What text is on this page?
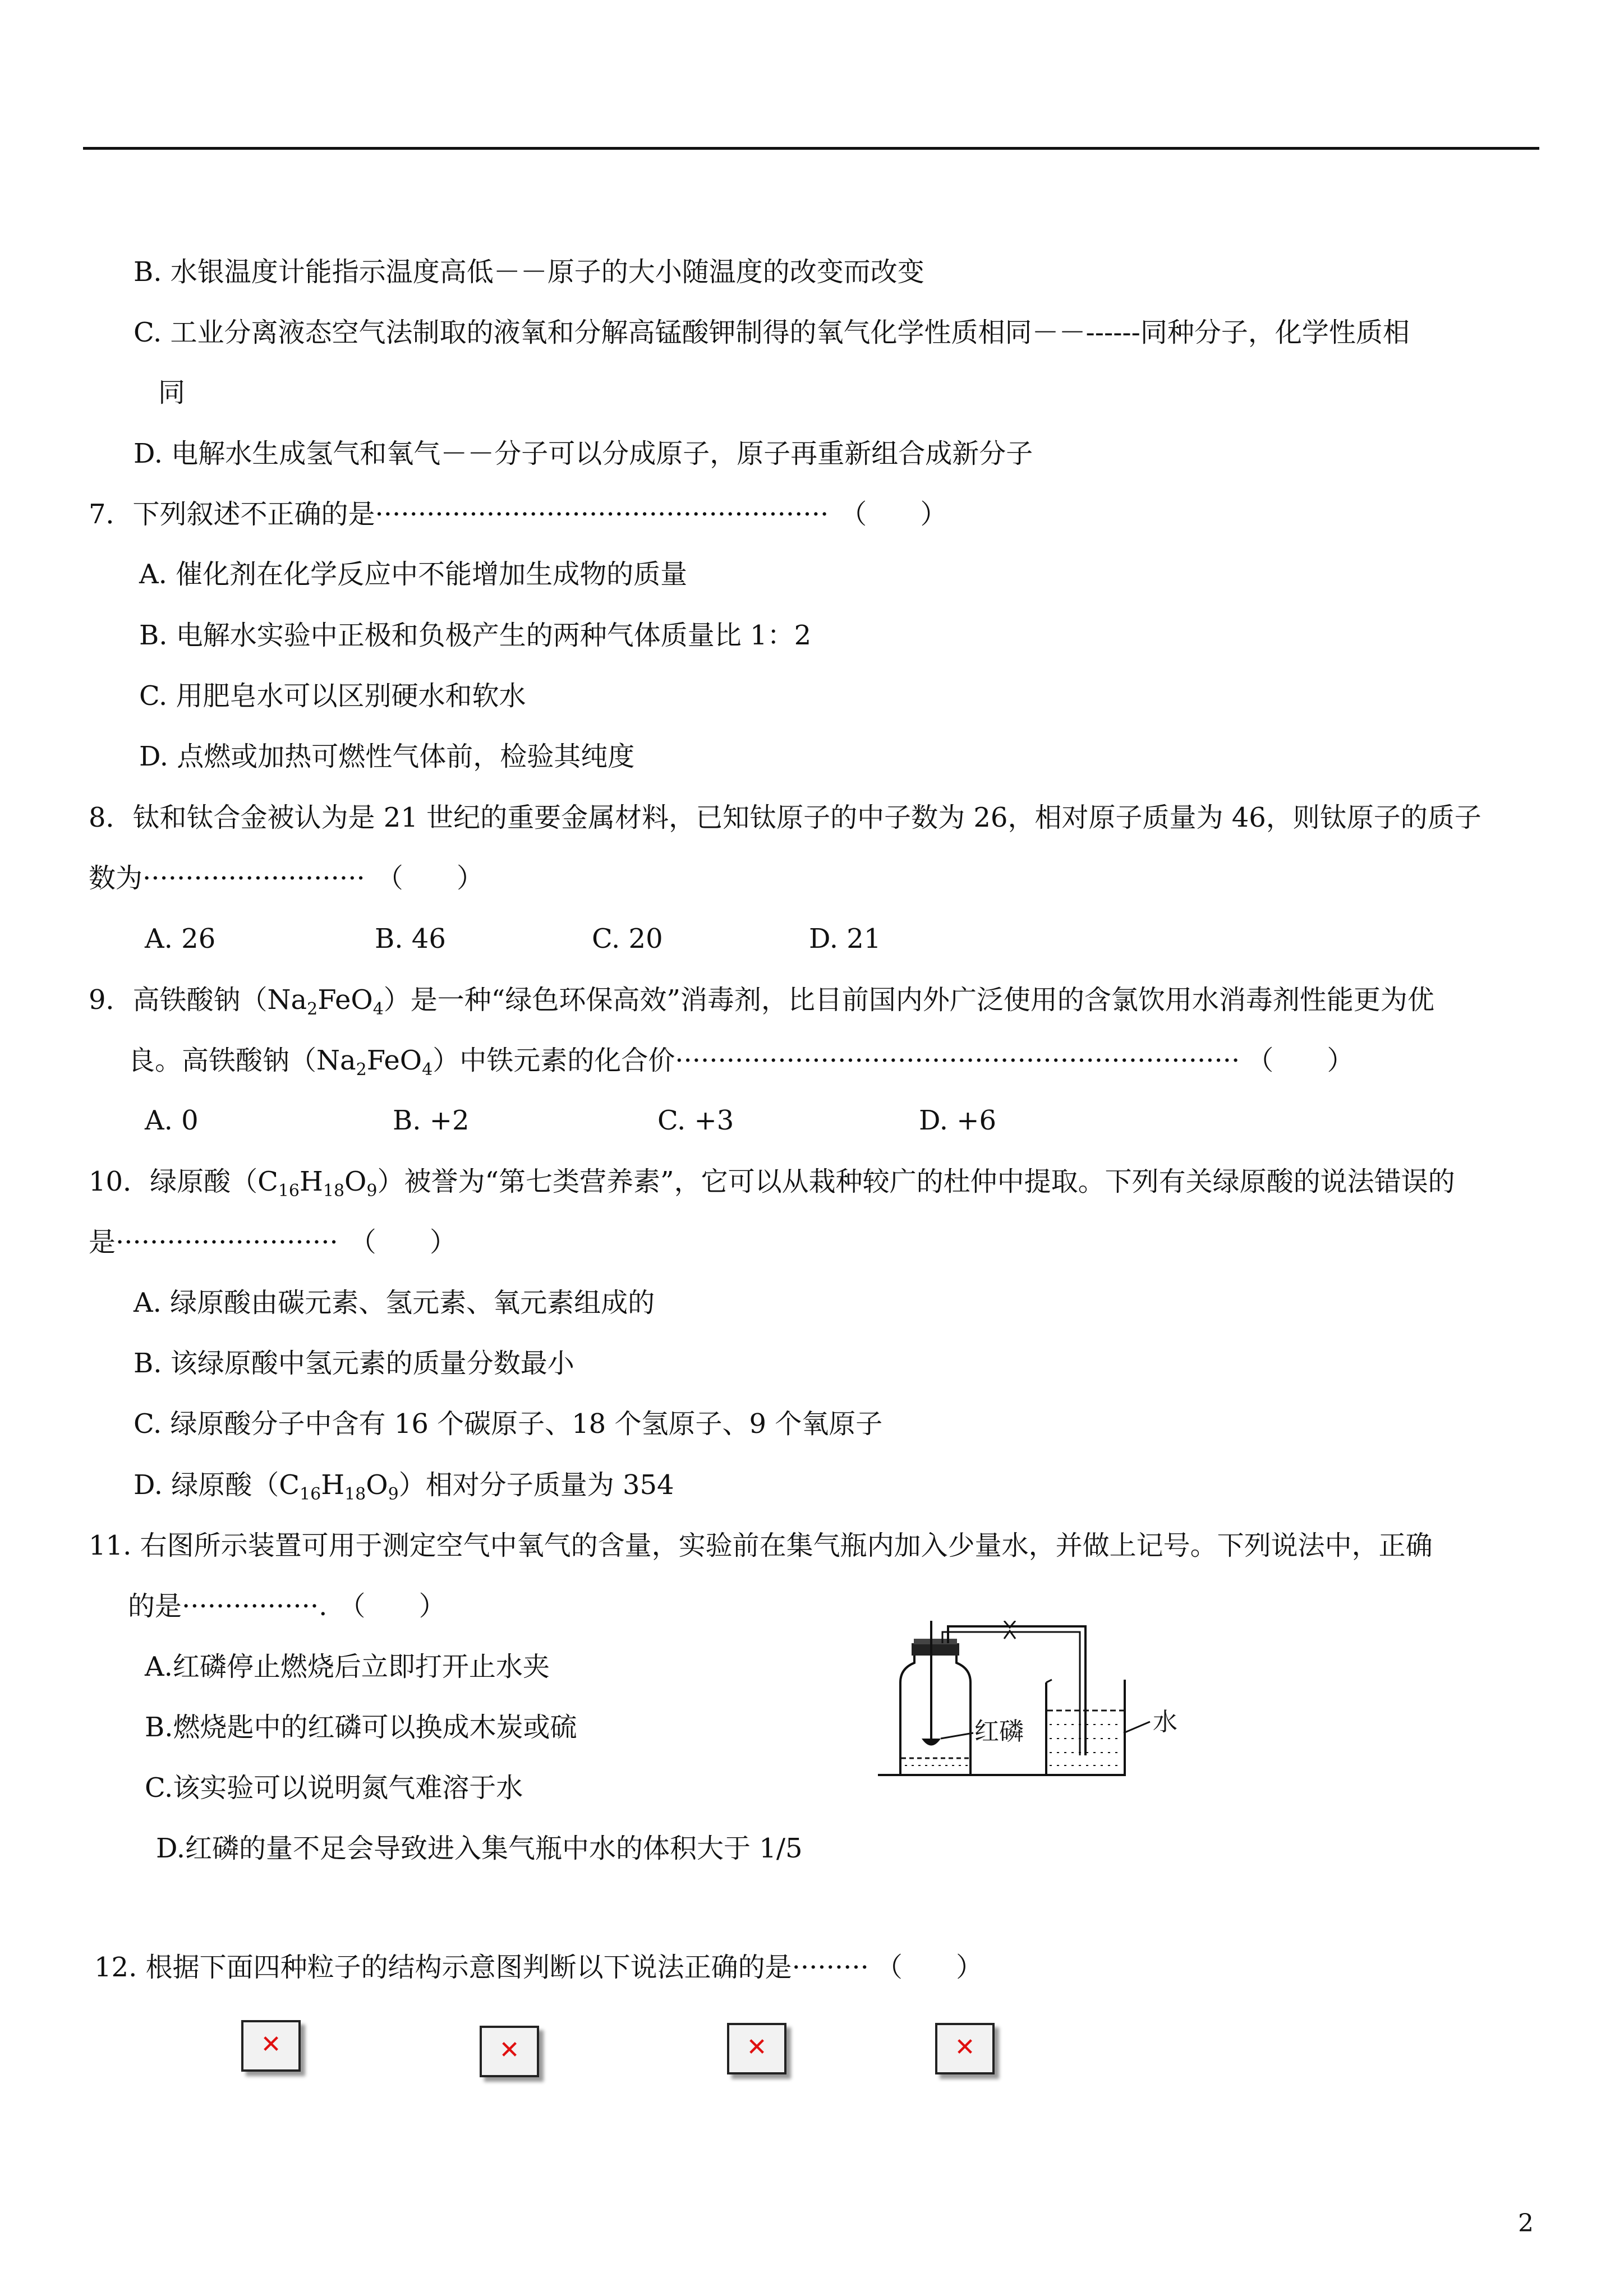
B. 水银温度计能指示温度高低－－原子的大小随温度的改变而改变
C. 工业分离液态空气法制取的液氧和分解高锰酸钾制得的氧气化学性质相同－－------同种分子，化学性质相
同
D. 电解水生成氢气和氧气－－分子可以分成原子，原子再重新组合成新分子
7．下列叙述不正确的是····················································· （ ）
A. 催化剂在化学反应中不能增加生成物的质量
B. 电解水实验中正极和负极产生的两种气体质量比 1：2
C. 用肥皂水可以区别硬水和软水
D. 点燃或加热可燃性气体前，检验其纯度
8．钛和钛合金被认为是 21 世纪的重要金属材料，已知钛原子的中子数为 26，相对原子质量为 46，则钛原子的质子
数为·························· （ ）
A. 26	B. 46	C. 20	D. 21
9．高铁酸钠$(Na_2FeO_4)$是一种“绿色环保高效”消毒剂，比目前国内外广泛使用的含氯饮用水消毒剂性能更为优
良。高铁酸钠$(Na_2FeO_4)$中铁元素的化合价·································································· （ ）
A. 0	B. +2	C. +3	D. +6
10．绿原酸$(C_{16}H_{18}O_9)$被誉为“第七类营养素”，它可以从栽种较广的杜仲中提取。下列有关绿原酸的说法错误的
是·························· （ ）
A. 绿原酸由碳元素、氢元素、氧元素组成的
B. 该绿原酸中氢元素的质量分数最小
C. 绿原酸分子中含有 16 个碳原子、18 个氢原子、9 个氧原子
D. 绿原酸$(C_{16}H_{18}O_9)$相对分子质量为 354
11. 右图所示装置可用于测定空气中氧气的含量，实验前在集气瓶内加入少量水，并做上记号。下列说法中，正确
的是················. （ ）
A.红磷停止燃烧后立即打开止水夹
B.燃烧匙中的红磷可以换成木炭或硫
C.该实验可以说明氮气难溶于水
D.红磷的量不足会导致进入集气瓶中水的体积大于 1/5
红磷	水
12. 根据下面四种粒子的结构示意图判断以下说法正确的是········· （ ）
✕	✕	✕	✕
2
